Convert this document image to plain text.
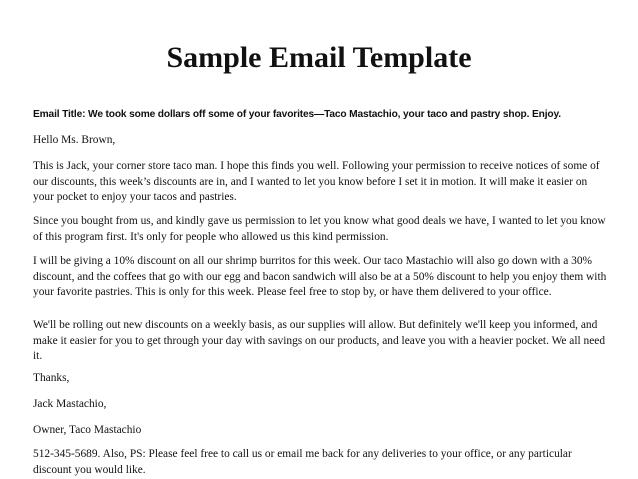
Sample Email Template

Email Title: We took some dollars off some of your favorites—Taco Mastachio, your taco and pastry shop. Enjoy.

Hello Ms. Brown,

This is Jack, your corner store taco man. I hope this finds you well. Following your permission to receive notices of some of our discounts, this week’s discounts are in, and I wanted to let you know before I set it in motion. It will make it easier on your pocket to enjoy your tacos and pastries.

Since you bought from us, and kindly gave us permission to let you know what good deals we have, I wanted to let you know of this program first. It's only for people who allowed us this kind permission.

I will be giving a 10% discount on all our shrimp burritos for this week. Our taco Mastachio will also go down with a 30% discount, and the coffees that go with our egg and bacon sandwich will also be at a 50% discount to help you enjoy them with your favorite pastries. This is only for this week. Please feel free to stop by, or have them delivered to your office.

We'll be rolling out new discounts on a weekly basis, as our supplies will allow. But definitely we'll keep you informed, and make it easier for you to get through your day with savings on our products, and leave you with a heavier pocket. We all need it.

Thanks,

Jack Mastachio,

Owner, Taco Mastachio

512-345-5689. Also, PS: Please feel free to call us or email me back for any deliveries to your office, or any particular discount you would like.
